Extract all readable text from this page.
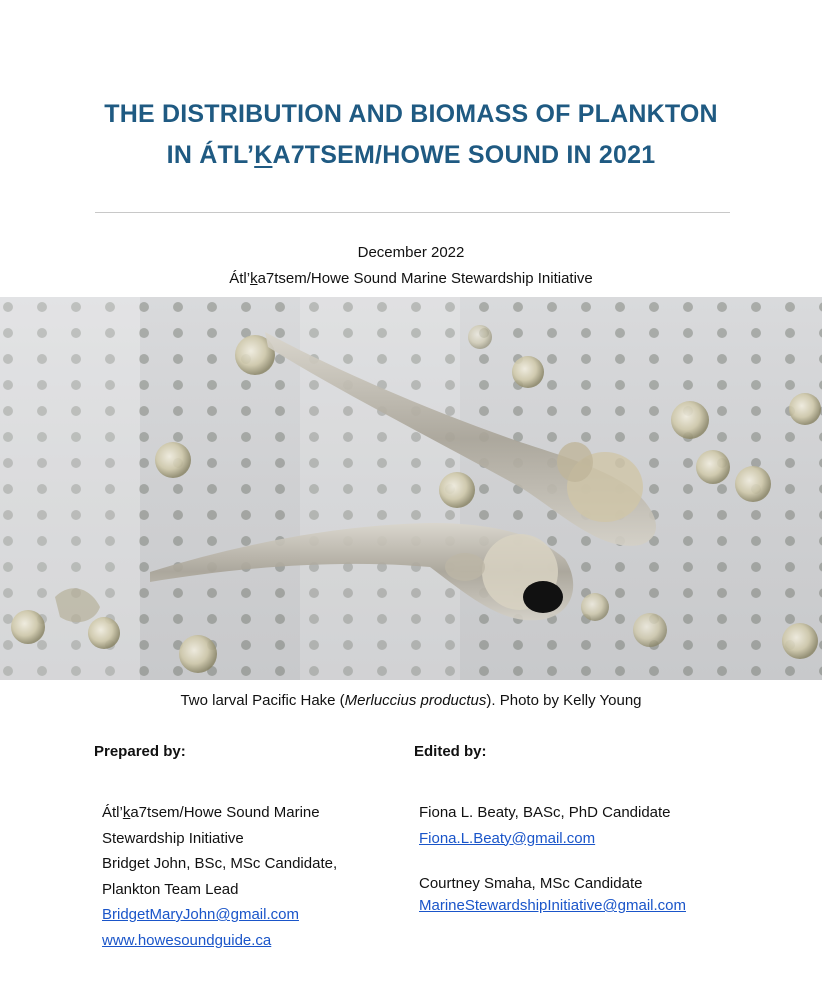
THE DISTRIBUTION AND BIOMASS OF PLANKTON
IN ÁTL’KA7TSEM/HOWE SOUND IN 2021
December 2022
Átl’ka7tsem/Howe Sound Marine Stewardship Initiative
Two larval Pacific Hake (Merluccius productus). Photo by Kelly Young
Prepared by:	Edited by:
Átl’ka7tsem/Howe Sound Marine
Stewardship Initiative
Bridget John, BSc, MSc Candidate,
Plankton Team Lead
BridgetMaryJohn@gmail.com
www.howesoundguide.ca
Fiona L. Beaty, BASc, PhD Candidate
Fiona.L.Beaty@gmail.com
Courtney Smaha, MSc Candidate
MarineStewardshipInitiative@gmail.com
